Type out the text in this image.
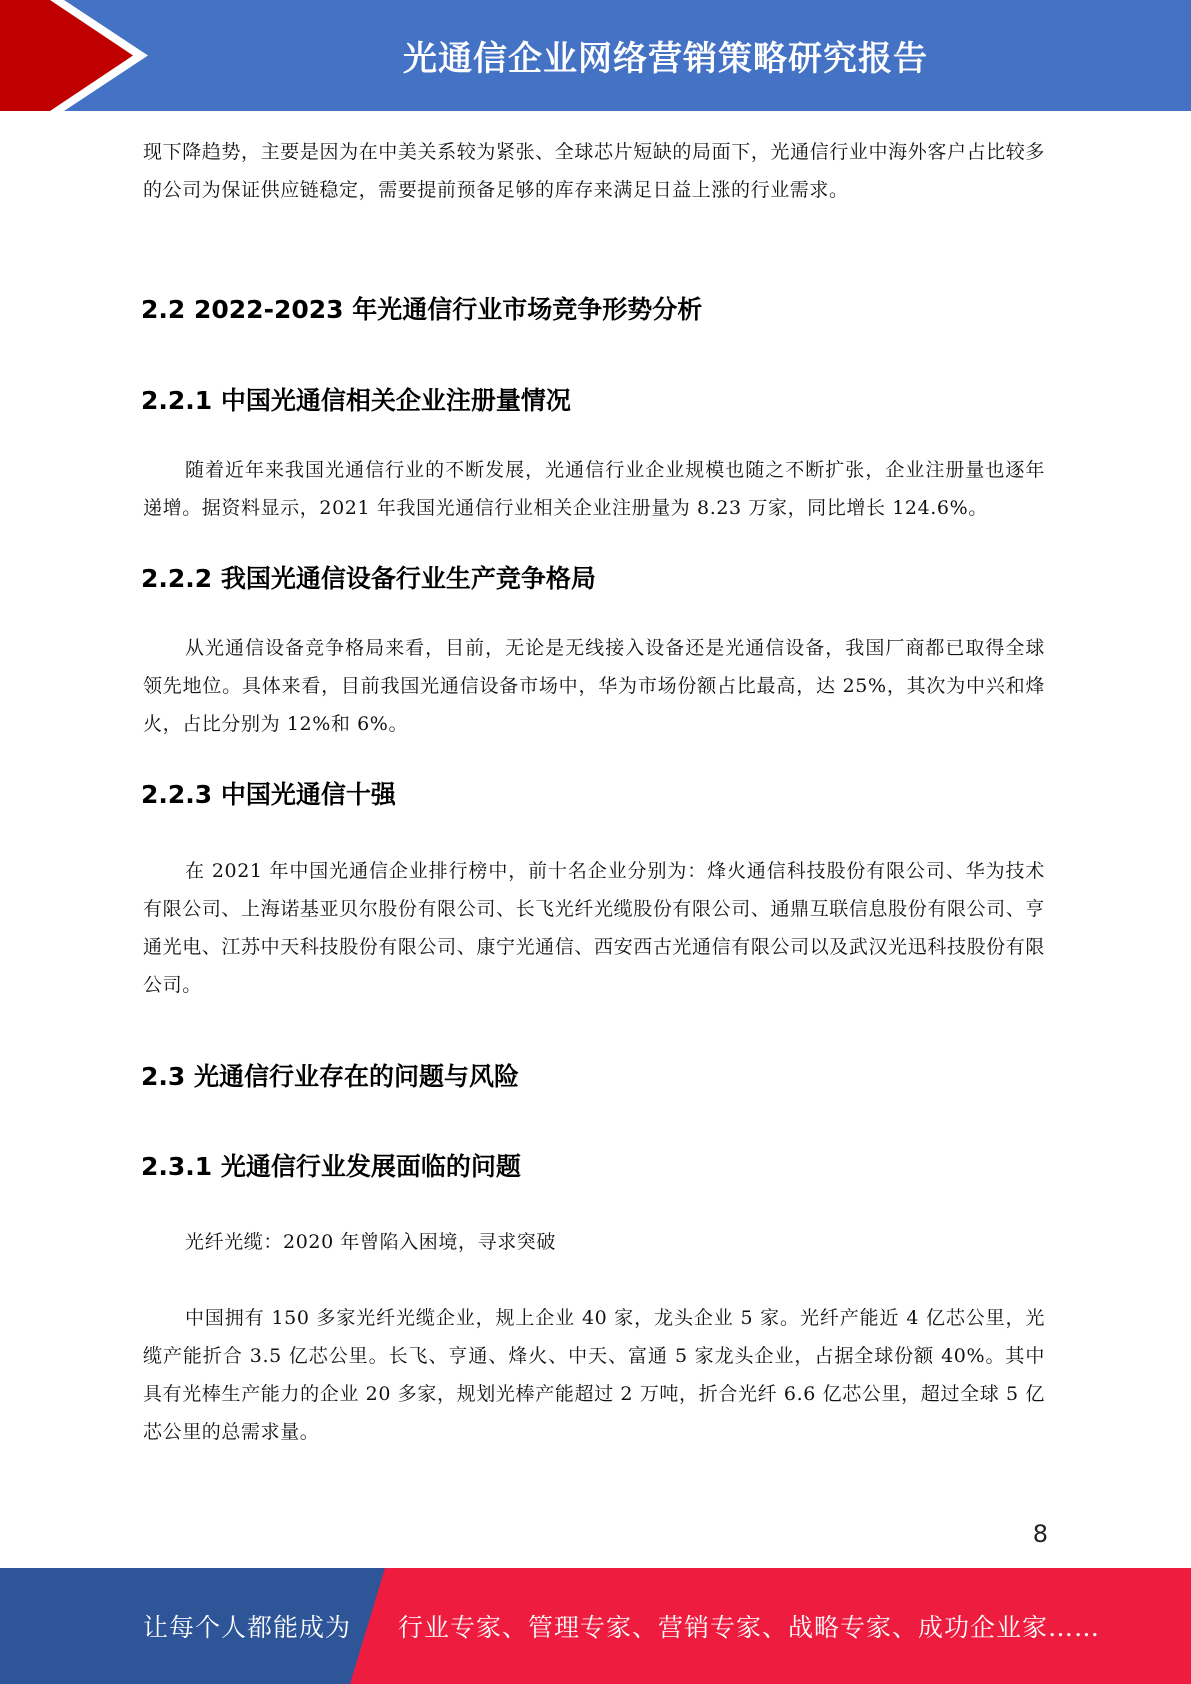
光通信企业网络营销策略研究报告

现下降趋势，主要是因为在中美关系较为紧张、全球芯片短缺的局面下，光通信行业中海外客户占比较多的公司为保证供应链稳定，需要提前预备足够的库存来满足日益上涨的行业需求。

2.2 2022-2023 年光通信行业市场竞争形势分析
2.2.1 中国光通信相关企业注册量情况

随着近年来我国光通信行业的不断发展，光通信行业企业规模也随之不断扩张，企业注册量也逐年递增。据资料显示，2021 年我国光通信行业相关企业注册量为 8.23 万家，同比增长 124.6%。

2.2.2 我国光通信设备行业生产竞争格局

从光通信设备竞争格局来看，目前，无论是无线接入设备还是光通信设备，我国厂商都已取得全球领先地位。具体来看，目前我国光通信设备市场中，华为市场份额占比最高，达 25%，其次为中兴和烽火，占比分别为 12%和 6%。

2.2.3 中国光通信十强

在 2021 年中国光通信企业排行榜中，前十名企业分别为：烽火通信科技股份有限公司、华为技术有限公司、上海诺基亚贝尔股份有限公司、长飞光纤光缆股份有限公司、通鼎互联信息股份有限公司、亨通光电、江苏中天科技股份有限公司、康宁光通信、西安西古光通信有限公司以及武汉光迅科技股份有限公司。

2.3 光通信行业存在的问题与风险
2.3.1 光通信行业发展面临的问题

光纤光缆：2020 年曾陷入困境，寻求突破

中国拥有 150 多家光纤光缆企业，规上企业 40 家，龙头企业 5 家。光纤产能近 4 亿芯公里，光缆产能折合 3.5 亿芯公里。长飞、亨通、烽火、中天、富通 5 家龙头企业，占据全球份额 40%。其中具有光棒生产能力的企业 20 多家，规划光棒产能超过 2 万吨，折合光纤 6.6 亿芯公里，超过全球 5 亿芯公里的总需求量。

8
让每个人都能成为 行业专家、管理专家、营销专家、战略专家、成功企业家……
